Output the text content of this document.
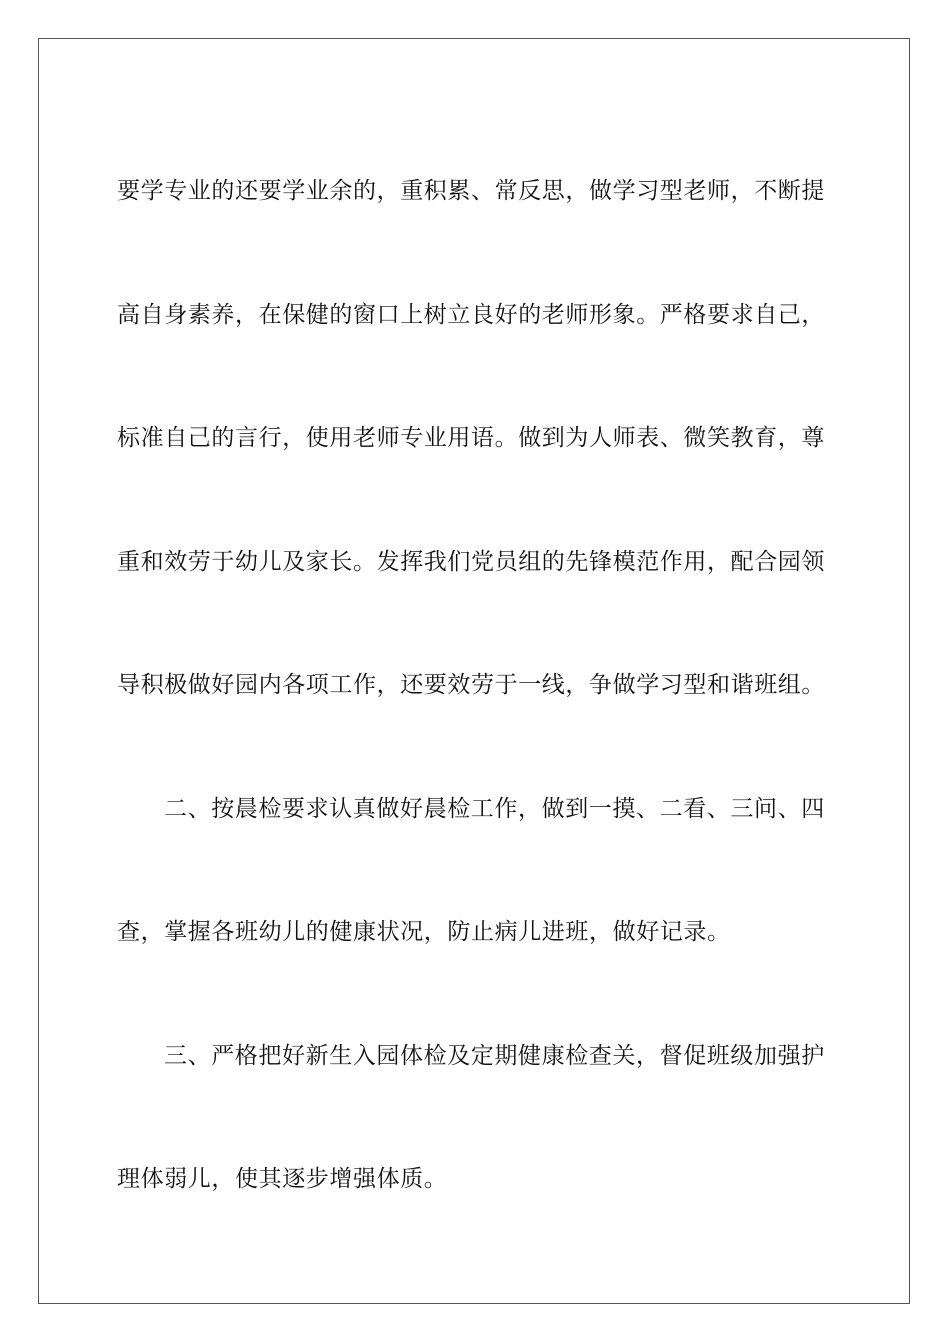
要学专业的还要学业余的，重积累、常反思，做学习型老师，不断提
高自身素养，在保健的窗口上树立良好的老师形象。严格要求自己，
标准自己的言行，使用老师专业用语。做到为人师表、微笑教育，尊
重和效劳于幼儿及家长。发挥我们党员组的先锋模范作用，配合园领
导积极做好园内各项工作，还要效劳于一线，争做学习型和谐班组。
二、按晨检要求认真做好晨检工作，做到一摸、二看、三问、四
查，掌握各班幼儿的健康状况，防止病儿进班，做好记录。
三、严格把好新生入园体检及定期健康检查关，督促班级加强护
理体弱儿，使其逐步增强体质。
